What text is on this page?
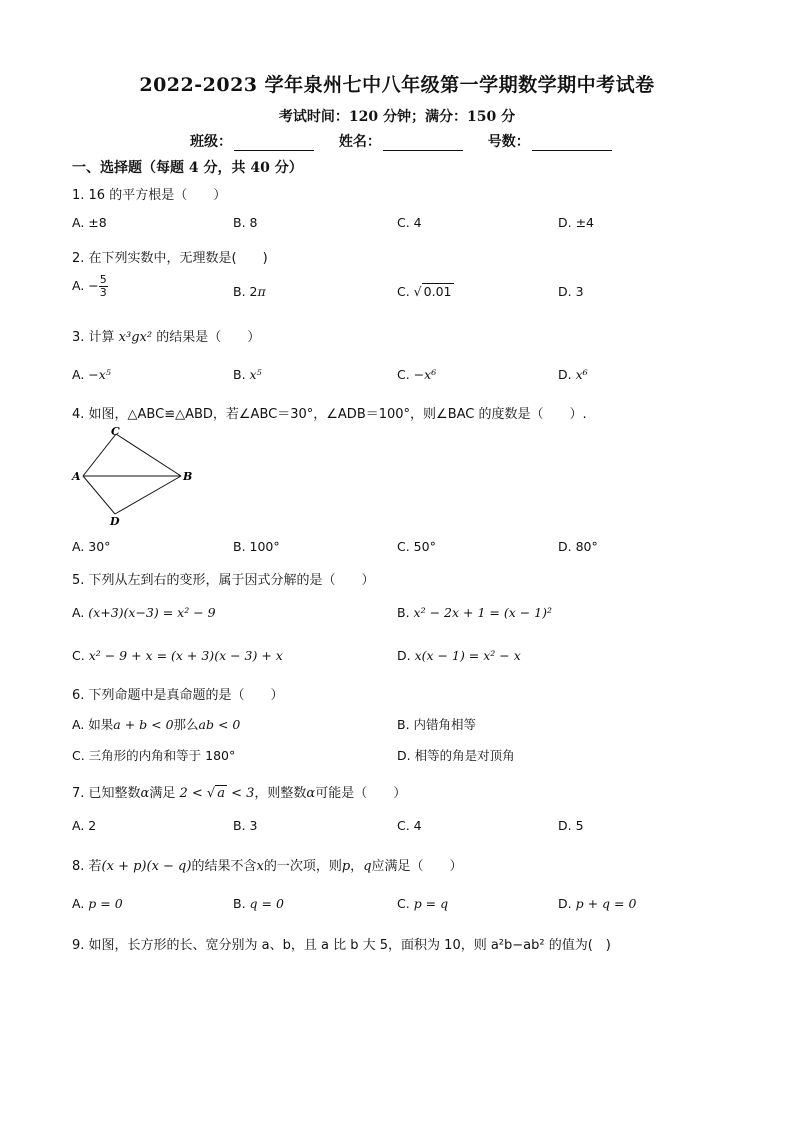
2022-2023 学年泉州七中八年级第一学期数学期中考试卷
考试时间：120 分钟；满分：150 分
班级：	姓名：	号数：
一、选择题（每题 4 分，共 40 分）
1. 16 的平方根是（　　）
A. ±8	B. 8	C. 4	D. ±4
2. 在下列实数中，无理数是(　　)
A. − $\frac{5}{3}$	B. 2π	C. √ 0.01	D. 3
3. 计算 x³gx² 的结果是（　　）
A. −x⁵	B. x⁵	C. −x⁶	D. x⁶
4. 如图，△ABC≌△ABD，若∠ABC＝30°，∠ADB＝100°，则∠BAC 的度数是（　　）.
C
A	B
D
A. 30°	B. 100°	C. 50°	D. 80°
5. 下列从左到右的变形，属于因式分解的是（　　）
A. (x+3)(x−3) = x² − 9	B. x² − 2x + 1 = (x − 1)²
C. x² − 9 + x = (x + 3)(x − 3) + x	D. x(x − 1) = x² − x
6. 下列命题中是真命题的是（　　）
A. 如果a + b < 0那么ab < 0	B. 内错角相等
C. 三角形的内角和等于 180°	D. 相等的角是对顶角
7. 已知整数α满足 2 < √ a < 3，则整数α可能是（　　）
A. 2	B. 3	C. 4	D. 5
8. 若(x + p)(x − q)的结果不含x的一次项，则p，q应满足（　　）
A. p = 0	B. q = 0	C. p = q	D. p + q = 0
9. 如图，长方形的长、宽分别为 a、b，且 a 比 b 大 5，面积为 10，则 a²b−ab² 的值为(　)
